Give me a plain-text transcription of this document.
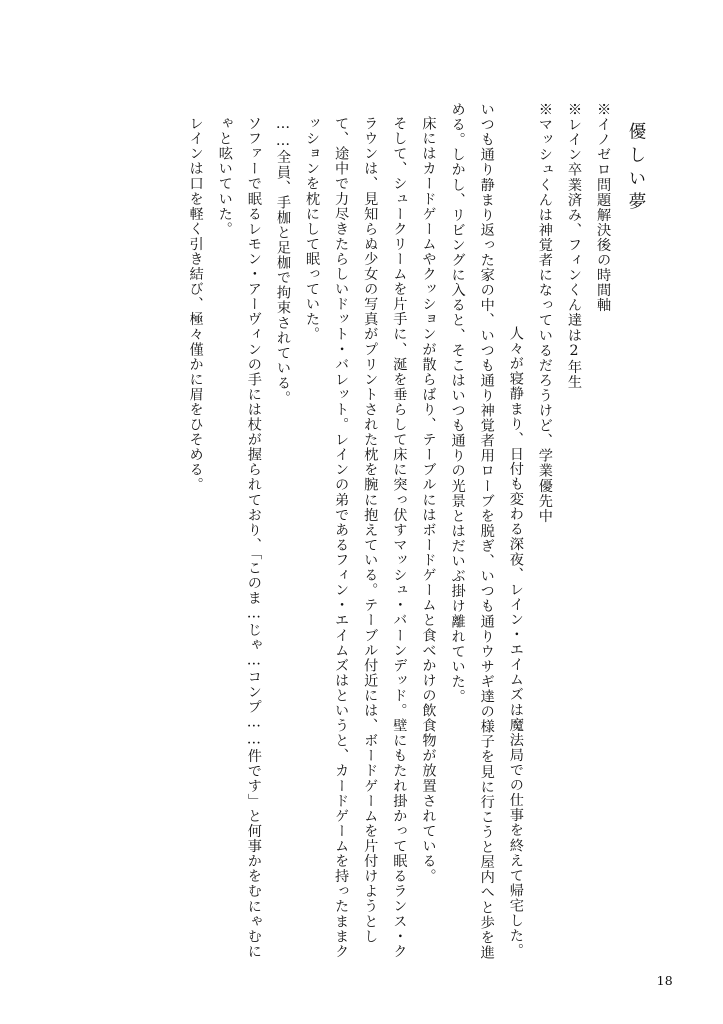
優しい夢
※イノゼロ問題解決後の時間軸
※レイン卒業済み、フィンくん達は2年生
※マッシュくんは神覚者になっているだろうけど、学業優先中
人々が寝静まり、日付も変わる深夜、レイン・エイムズは魔法局での仕事を終えて帰宅した。
いつも通り静まり返った家の中、いつも通り神覚者用ローブを脱ぎ、いつも通りウサギ達の様子を見に行こうと屋内へと歩を進める。しかし、リビングに入ると、そこはいつも通りの光景とはだいぶ掛け離れていた。
床にはカードゲームやクッションが散らばり、テーブルにはボードゲームと食べかけの飲食物が放置されている。
そして、シュークリームを片手に、涎を垂らして床に突っ伏すマッシュ・バーンデッド。壁にもたれ掛かって眠るランス・クラウンは、見知らぬ少女の写真がプリントされた枕を腕に抱えている。テーブル付近には、ボードゲームを片付けようとして、途中で力尽きたらしいドット・バレット。レインの弟であるフィン・エイムズはというと、カードゲームを持ったままクッションを枕にして眠っていた。
……全員、手枷と足枷で拘束されている。
ソファーで眠るレモン・アーヴィンの手には杖が握られており、「このま…じゃ…コンプ……件です」と何事かをむにゃむにゃと呟いていた。
レインは口を軽く引き結び、極々僅かに眉をひそめる。
18
